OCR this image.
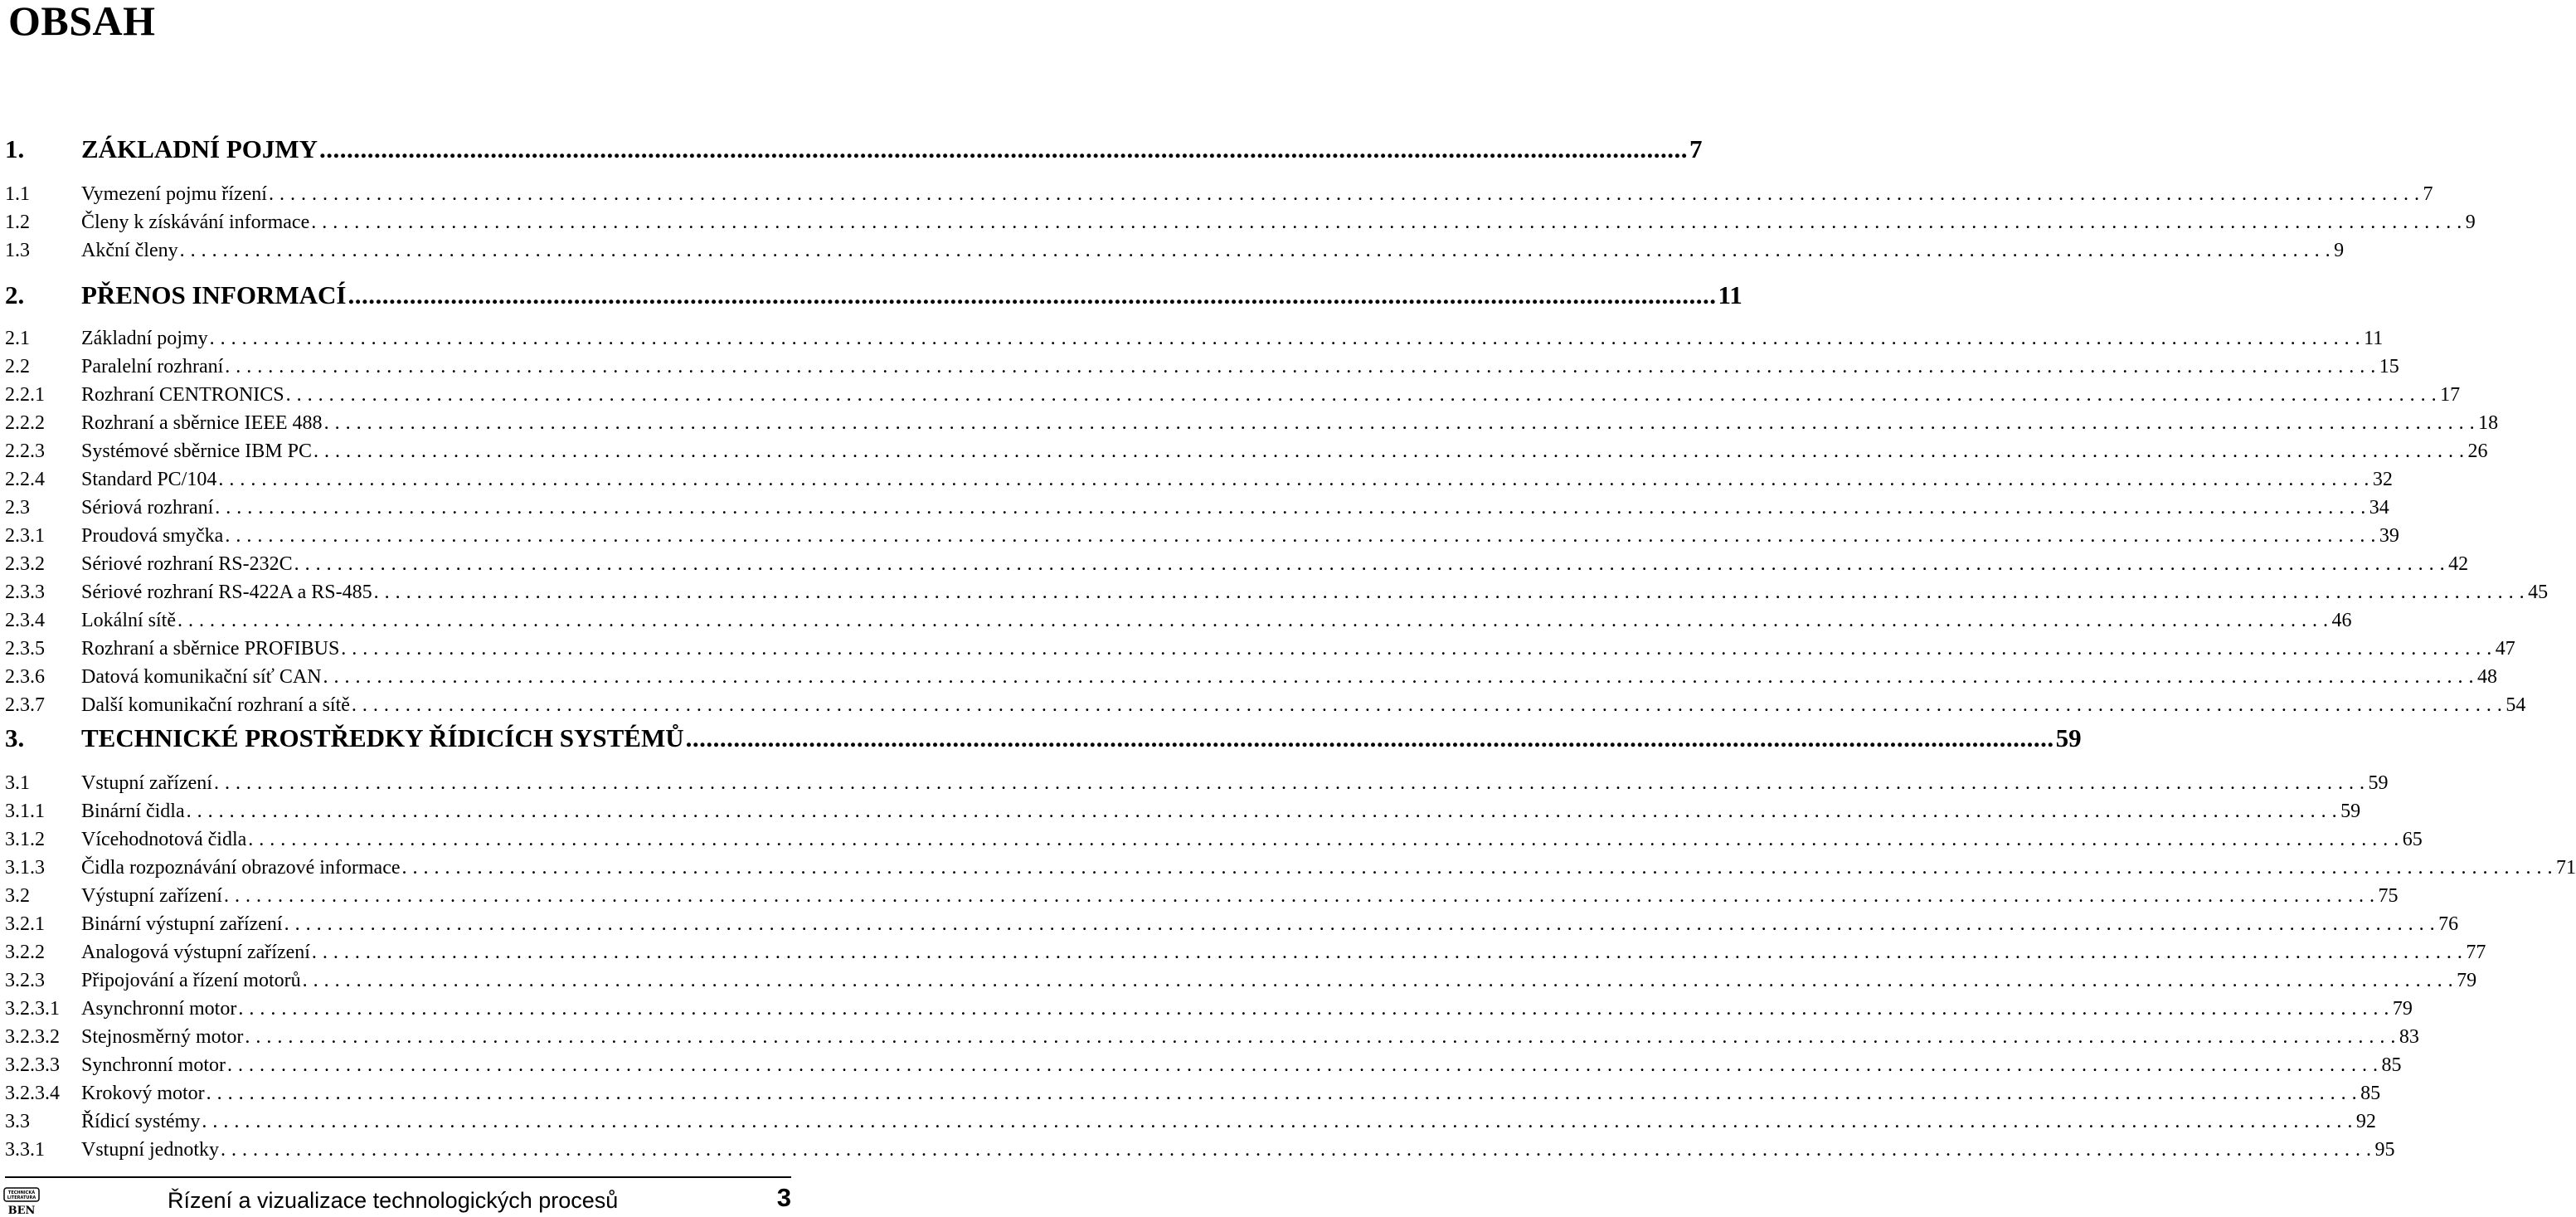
OBSAH
1.	ZÁKLADNÍ POJMY ........................................................................................................................................................................................................ 7
1.1	Vymezení pojmu řízení . . . . . . . . . . . . . . . . . . . . . . . . . . . . . . . . . . . . . . . . . . . . . . . . . . . . . . . . . . . . . . . . . . . . . . . . . . . . . . . . . . . . . . . . . . . . . . . . . . . . . . . . . . . . . . . . . . . . . . . . . . . . . . . . . . . . . . . . . . . . . . . . . . . . . . . . . . . . . . . . . . . . . . . . . . . . . . . . . . . . . . . . . . . . . . . . . . . . . . . . 7
1.2	Členy k získávání informace . . . . . . . . . . . . . . . . . . . . . . . . . . . . . . . . . . . . . . . . . . . . . . . . . . . . . . . . . . . . . . . . . . . . . . . . . . . . . . . . . . . . . . . . . . . . . . . . . . . . . . . . . . . . . . . . . . . . . . . . . . . . . . . . . . . . . . . . . . . . . . . . . . . . . . . . . . . . . . . . . . . . . . . . . . . . . . . . . . . . . . . . . . . . . . . . . . . . . . . . 9
1.3	Akční členy . . . . . . . . . . . . . . . . . . . . . . . . . . . . . . . . . . . . . . . . . . . . . . . . . . . . . . . . . . . . . . . . . . . . . . . . . . . . . . . . . . . . . . . . . . . . . . . . . . . . . . . . . . . . . . . . . . . . . . . . . . . . . . . . . . . . . . . . . . . . . . . . . . . . . . . . . . . . . . . . . . . . . . . . . . . . . . . . . . . . . . . . . . . . . . . . . . . . . . . . 9
2.	PŘENOS INFORMACÍ ........................................................................................................................................................................................................ 11
2.1	Základní pojmy . . . . . . . . . . . . . . . . . . . . . . . . . . . . . . . . . . . . . . . . . . . . . . . . . . . . . . . . . . . . . . . . . . . . . . . . . . . . . . . . . . . . . . . . . . . . . . . . . . . . . . . . . . . . . . . . . . . . . . . . . . . . . . . . . . . . . . . . . . . . . . . . . . . . . . . . . . . . . . . . . . . . . . . . . . . . . . . . . . . . . . . . . . . . . . . . . . . . . . . . 11
2.2	Paralelní rozhraní . . . . . . . . . . . . . . . . . . . . . . . . . . . . . . . . . . . . . . . . . . . . . . . . . . . . . . . . . . . . . . . . . . . . . . . . . . . . . . . . . . . . . . . . . . . . . . . . . . . . . . . . . . . . . . . . . . . . . . . . . . . . . . . . . . . . . . . . . . . . . . . . . . . . . . . . . . . . . . . . . . . . . . . . . . . . . . . . . . . . . . . . . . . . . . . . . . . . . . . . 15
2.2.1	Rozhraní CENTRONICS . . . . . . . . . . . . . . . . . . . . . . . . . . . . . . . . . . . . . . . . . . . . . . . . . . . . . . . . . . . . . . . . . . . . . . . . . . . . . . . . . . . . . . . . . . . . . . . . . . . . . . . . . . . . . . . . . . . . . . . . . . . . . . . . . . . . . . . . . . . . . . . . . . . . . . . . . . . . . . . . . . . . . . . . . . . . . . . . . . . . . . . . . . . . . . . . . . . . . . . . 17
2.2.2	Rozhraní a sběrnice IEEE 488 . . . . . . . . . . . . . . . . . . . . . . . . . . . . . . . . . . . . . . . . . . . . . . . . . . . . . . . . . . . . . . . . . . . . . . . . . . . . . . . . . . . . . . . . . . . . . . . . . . . . . . . . . . . . . . . . . . . . . . . . . . . . . . . . . . . . . . . . . . . . . . . . . . . . . . . . . . . . . . . . . . . . . . . . . . . . . . . . . . . . . . . . . . . . . . . . . . . . . . . . 18
2.2.3	Systémové sběrnice IBM PC . . . . . . . . . . . . . . . . . . . . . . . . . . . . . . . . . . . . . . . . . . . . . . . . . . . . . . . . . . . . . . . . . . . . . . . . . . . . . . . . . . . . . . . . . . . . . . . . . . . . . . . . . . . . . . . . . . . . . . . . . . . . . . . . . . . . . . . . . . . . . . . . . . . . . . . . . . . . . . . . . . . . . . . . . . . . . . . . . . . . . . . . . . . . . . . . . . . . . . . . 26
2.2.4	Standard PC/104 . . . . . . . . . . . . . . . . . . . . . . . . . . . . . . . . . . . . . . . . . . . . . . . . . . . . . . . . . . . . . . . . . . . . . . . . . . . . . . . . . . . . . . . . . . . . . . . . . . . . . . . . . . . . . . . . . . . . . . . . . . . . . . . . . . . . . . . . . . . . . . . . . . . . . . . . . . . . . . . . . . . . . . . . . . . . . . . . . . . . . . . . . . . . . . . . . . . . . . . . 32
2.3	Sériová rozhraní . . . . . . . . . . . . . . . . . . . . . . . . . . . . . . . . . . . . . . . . . . . . . . . . . . . . . . . . . . . . . . . . . . . . . . . . . . . . . . . . . . . . . . . . . . . . . . . . . . . . . . . . . . . . . . . . . . . . . . . . . . . . . . . . . . . . . . . . . . . . . . . . . . . . . . . . . . . . . . . . . . . . . . . . . . . . . . . . . . . . . . . . . . . . . . . . . . . . . . . . 34
2.3.1	Proudová smyčka . . . . . . . . . . . . . . . . . . . . . . . . . . . . . . . . . . . . . . . . . . . . . . . . . . . . . . . . . . . . . . . . . . . . . . . . . . . . . . . . . . . . . . . . . . . . . . . . . . . . . . . . . . . . . . . . . . . . . . . . . . . . . . . . . . . . . . . . . . . . . . . . . . . . . . . . . . . . . . . . . . . . . . . . . . . . . . . . . . . . . . . . . . . . . . . . . . . . . . . . 39
2.3.2	Sériové rozhraní RS-232C . . . . . . . . . . . . . . . . . . . . . . . . . . . . . . . . . . . . . . . . . . . . . . . . . . . . . . . . . . . . . . . . . . . . . . . . . . . . . . . . . . . . . . . . . . . . . . . . . . . . . . . . . . . . . . . . . . . . . . . . . . . . . . . . . . . . . . . . . . . . . . . . . . . . . . . . . . . . . . . . . . . . . . . . . . . . . . . . . . . . . . . . . . . . . . . . . . . . . . . . 42
2.3.3	Sériové rozhraní RS-422A a RS-485 . . . . . . . . . . . . . . . . . . . . . . . . . . . . . . . . . . . . . . . . . . . . . . . . . . . . . . . . . . . . . . . . . . . . . . . . . . . . . . . . . . . . . . . . . . . . . . . . . . . . . . . . . . . . . . . . . . . . . . . . . . . . . . . . . . . . . . . . . . . . . . . . . . . . . . . . . . . . . . . . . . . . . . . . . . . . . . . . . . . . . . . . . . . . . . . . . . . . . . . . 45
2.3.4	Lokální sítě . . . . . . . . . . . . . . . . . . . . . . . . . . . . . . . . . . . . . . . . . . . . . . . . . . . . . . . . . . . . . . . . . . . . . . . . . . . . . . . . . . . . . . . . . . . . . . . . . . . . . . . . . . . . . . . . . . . . . . . . . . . . . . . . . . . . . . . . . . . . . . . . . . . . . . . . . . . . . . . . . . . . . . . . . . . . . . . . . . . . . . . . . . . . . . . . . . . . . . . . 46
2.3.5	Rozhraní a sběrnice PROFIBUS . . . . . . . . . . . . . . . . . . . . . . . . . . . . . . . . . . . . . . . . . . . . . . . . . . . . . . . . . . . . . . . . . . . . . . . . . . . . . . . . . . . . . . . . . . . . . . . . . . . . . . . . . . . . . . . . . . . . . . . . . . . . . . . . . . . . . . . . . . . . . . . . . . . . . . . . . . . . . . . . . . . . . . . . . . . . . . . . . . . . . . . . . . . . . . . . . . . . . . . . 47
2.3.6	Datová komunikační síť CAN . . . . . . . . . . . . . . . . . . . . . . . . . . . . . . . . . . . . . . . . . . . . . . . . . . . . . . . . . . . . . . . . . . . . . . . . . . . . . . . . . . . . . . . . . . . . . . . . . . . . . . . . . . . . . . . . . . . . . . . . . . . . . . . . . . . . . . . . . . . . . . . . . . . . . . . . . . . . . . . . . . . . . . . . . . . . . . . . . . . . . . . . . . . . . . . . . . . . . . . . 48
2.3.7	Další komunikační rozhraní a sítě . . . . . . . . . . . . . . . . . . . . . . . . . . . . . . . . . . . . . . . . . . . . . . . . . . . . . . . . . . . . . . . . . . . . . . . . . . . . . . . . . . . . . . . . . . . . . . . . . . . . . . . . . . . . . . . . . . . . . . . . . . . . . . . . . . . . . . . . . . . . . . . . . . . . . . . . . . . . . . . . . . . . . . . . . . . . . . . . . . . . . . . . . . . . . . . . . . . . . . . . 54
3.	TECHNICKÉ PROSTŘEDKY ŘÍDICÍCH SYSTÉMŮ ........................................................................................................................................................................................................ 59
3.1	Vstupní zařízení . . . . . . . . . . . . . . . . . . . . . . . . . . . . . . . . . . . . . . . . . . . . . . . . . . . . . . . . . . . . . . . . . . . . . . . . . . . . . . . . . . . . . . . . . . . . . . . . . . . . . . . . . . . . . . . . . . . . . . . . . . . . . . . . . . . . . . . . . . . . . . . . . . . . . . . . . . . . . . . . . . . . . . . . . . . . . . . . . . . . . . . . . . . . . . . . . . . . . . . . 59
3.1.1	Binární čidla . . . . . . . . . . . . . . . . . . . . . . . . . . . . . . . . . . . . . . . . . . . . . . . . . . . . . . . . . . . . . . . . . . . . . . . . . . . . . . . . . . . . . . . . . . . . . . . . . . . . . . . . . . . . . . . . . . . . . . . . . . . . . . . . . . . . . . . . . . . . . . . . . . . . . . . . . . . . . . . . . . . . . . . . . . . . . . . . . . . . . . . . . . . . . . . . . . . . . . . . 59
3.1.2	Vícehodnotová čidla . . . . . . . . . . . . . . . . . . . . . . . . . . . . . . . . . . . . . . . . . . . . . . . . . . . . . . . . . . . . . . . . . . . . . . . . . . . . . . . . . . . . . . . . . . . . . . . . . . . . . . . . . . . . . . . . . . . . . . . . . . . . . . . . . . . . . . . . . . . . . . . . . . . . . . . . . . . . . . . . . . . . . . . . . . . . . . . . . . . . . . . . . . . . . . . . . . . . . . . . 65
3.1.3	Čidla rozpoznávání obrazové informace . . . . . . . . . . . . . . . . . . . . . . . . . . . . . . . . . . . . . . . . . . . . . . . . . . . . . . . . . . . . . . . . . . . . . . . . . . . . . . . . . . . . . . . . . . . . . . . . . . . . . . . . . . . . . . . . . . . . . . . . . . . . . . . . . . . . . . . . . . . . . . . . . . . . . . . . . . . . . . . . . . . . . . . . . . . . . . . . . . . . . . . . . . . . . . . . . . . . . . . . 71
3.2	Výstupní zařízení . . . . . . . . . . . . . . . . . . . . . . . . . . . . . . . . . . . . . . . . . . . . . . . . . . . . . . . . . . . . . . . . . . . . . . . . . . . . . . . . . . . . . . . . . . . . . . . . . . . . . . . . . . . . . . . . . . . . . . . . . . . . . . . . . . . . . . . . . . . . . . . . . . . . . . . . . . . . . . . . . . . . . . . . . . . . . . . . . . . . . . . . . . . . . . . . . . . . . . . . 75
3.2.1	Binární výstupní zařízení . . . . . . . . . . . . . . . . . . . . . . . . . . . . . . . . . . . . . . . . . . . . . . . . . . . . . . . . . . . . . . . . . . . . . . . . . . . . . . . . . . . . . . . . . . . . . . . . . . . . . . . . . . . . . . . . . . . . . . . . . . . . . . . . . . . . . . . . . . . . . . . . . . . . . . . . . . . . . . . . . . . . . . . . . . . . . . . . . . . . . . . . . . . . . . . . . . . . . . . . 76
3.2.2	Analogová výstupní zařízení . . . . . . . . . . . . . . . . . . . . . . . . . . . . . . . . . . . . . . . . . . . . . . . . . . . . . . . . . . . . . . . . . . . . . . . . . . . . . . . . . . . . . . . . . . . . . . . . . . . . . . . . . . . . . . . . . . . . . . . . . . . . . . . . . . . . . . . . . . . . . . . . . . . . . . . . . . . . . . . . . . . . . . . . . . . . . . . . . . . . . . . . . . . . . . . . . . . . . . . . 77
3.2.3	Připojování a řízení motorů . . . . . . . . . . . . . . . . . . . . . . . . . . . . . . . . . . . . . . . . . . . . . . . . . . . . . . . . . . . . . . . . . . . . . . . . . . . . . . . . . . . . . . . . . . . . . . . . . . . . . . . . . . . . . . . . . . . . . . . . . . . . . . . . . . . . . . . . . . . . . . . . . . . . . . . . . . . . . . . . . . . . . . . . . . . . . . . . . . . . . . . . . . . . . . . . . . . . . . . . 79
3.2.3.1	Asynchronní motor . . . . . . . . . . . . . . . . . . . . . . . . . . . . . . . . . . . . . . . . . . . . . . . . . . . . . . . . . . . . . . . . . . . . . . . . . . . . . . . . . . . . . . . . . . . . . . . . . . . . . . . . . . . . . . . . . . . . . . . . . . . . . . . . . . . . . . . . . . . . . . . . . . . . . . . . . . . . . . . . . . . . . . . . . . . . . . . . . . . . . . . . . . . . . . . . . . . . . . . . 79
3.2.3.2	Stejnosměrný motor . . . . . . . . . . . . . . . . . . . . . . . . . . . . . . . . . . . . . . . . . . . . . . . . . . . . . . . . . . . . . . . . . . . . . . . . . . . . . . . . . . . . . . . . . . . . . . . . . . . . . . . . . . . . . . . . . . . . . . . . . . . . . . . . . . . . . . . . . . . . . . . . . . . . . . . . . . . . . . . . . . . . . . . . . . . . . . . . . . . . . . . . . . . . . . . . . . . . . . . . 83
3.2.3.3	Synchronní motor . . . . . . . . . . . . . . . . . . . . . . . . . . . . . . . . . . . . . . . . . . . . . . . . . . . . . . . . . . . . . . . . . . . . . . . . . . . . . . . . . . . . . . . . . . . . . . . . . . . . . . . . . . . . . . . . . . . . . . . . . . . . . . . . . . . . . . . . . . . . . . . . . . . . . . . . . . . . . . . . . . . . . . . . . . . . . . . . . . . . . . . . . . . . . . . . . . . . . . . . 85
3.2.3.4	Krokový motor . . . . . . . . . . . . . . . . . . . . . . . . . . . . . . . . . . . . . . . . . . . . . . . . . . . . . . . . . . . . . . . . . . . . . . . . . . . . . . . . . . . . . . . . . . . . . . . . . . . . . . . . . . . . . . . . . . . . . . . . . . . . . . . . . . . . . . . . . . . . . . . . . . . . . . . . . . . . . . . . . . . . . . . . . . . . . . . . . . . . . . . . . . . . . . . . . . . . . . . . 85
3.3	Řídicí systémy . . . . . . . . . . . . . . . . . . . . . . . . . . . . . . . . . . . . . . . . . . . . . . . . . . . . . . . . . . . . . . . . . . . . . . . . . . . . . . . . . . . . . . . . . . . . . . . . . . . . . . . . . . . . . . . . . . . . . . . . . . . . . . . . . . . . . . . . . . . . . . . . . . . . . . . . . . . . . . . . . . . . . . . . . . . . . . . . . . . . . . . . . . . . . . . . . . . . . . . . 92
3.3.1	Vstupní jednotky . . . . . . . . . . . . . . . . . . . . . . . . . . . . . . . . . . . . . . . . . . . . . . . . . . . . . . . . . . . . . . . . . . . . . . . . . . . . . . . . . . . . . . . . . . . . . . . . . . . . . . . . . . . . . . . . . . . . . . . . . . . . . . . . . . . . . . . . . . . . . . . . . . . . . . . . . . . . . . . . . . . . . . . . . . . . . . . . . . . . . . . . . . . . . . . . . . . . . . . . 95
TECHNICKÁ
LITERATURA
BEN	Řízení a vizualizace technologických procesů	3
